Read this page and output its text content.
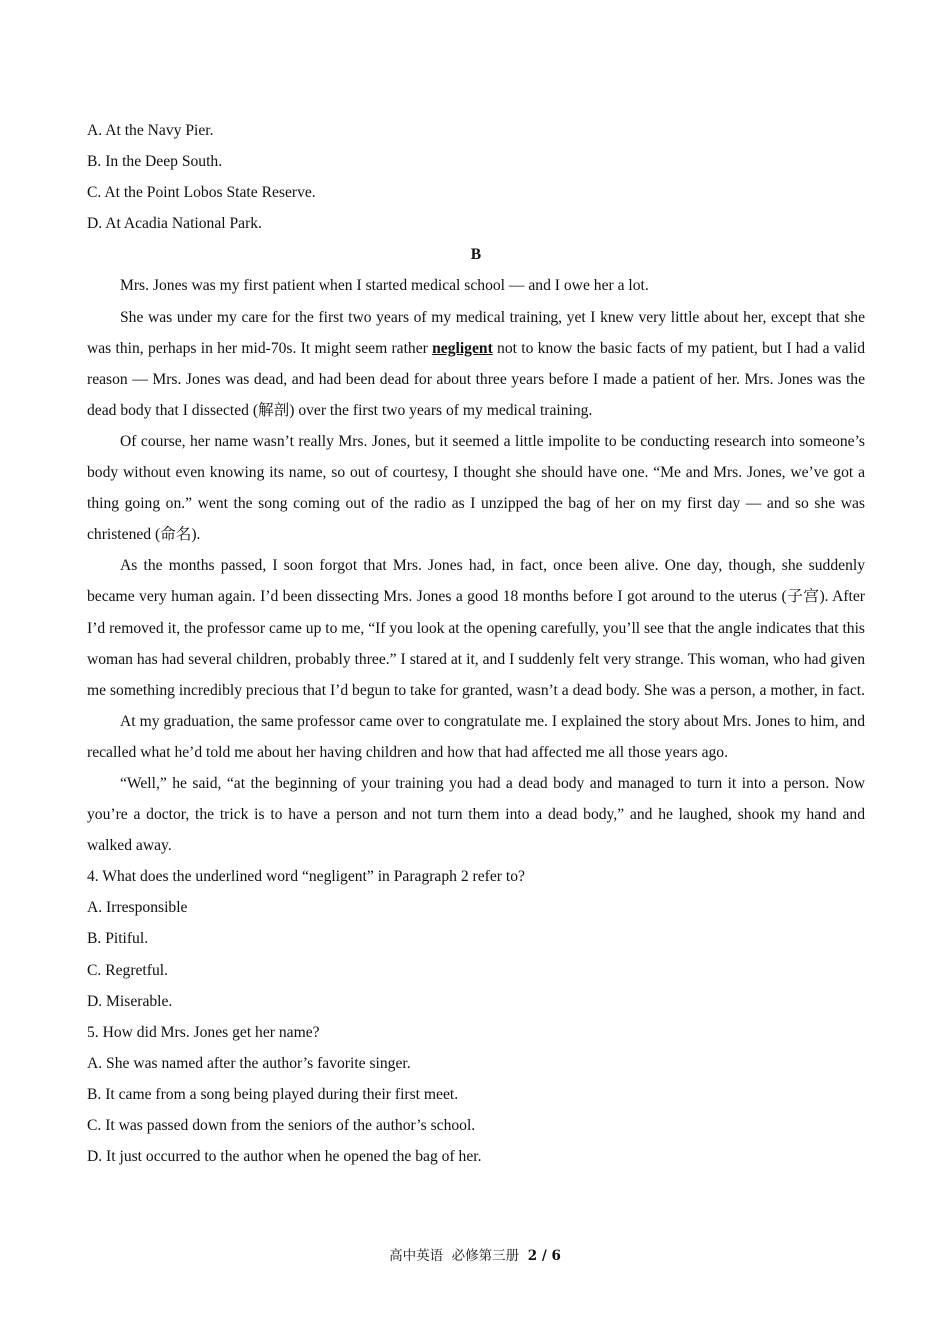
A. At the Navy Pier.

B. In the Deep South.

C. At the Point Lobos State Reserve.

D. At Acadia National Park.

B

Mrs. Jones was my first patient when I started medical school — and I owe her a lot.

She was under my care for the first two years of my medical training, yet I knew very little about her, except that she was thin, perhaps in her mid-70s. It might seem rather negligent not to know the basic facts of my patient, but I had a valid reason — Mrs. Jones was dead, and had been dead for about three years before I made a patient of her. Mrs. Jones was the dead body that I dissected (解剖) over the first two years of my medical training.

Of course, her name wasn’t really Mrs. Jones, but it seemed a little impolite to be conducting research into someone’s body without even knowing its name, so out of courtesy, I thought she should have one. “Me and Mrs. Jones, we’ve got a thing going on.” went the song coming out of the radio as I unzipped the bag of her on my first day — and so she was christened (命名).

As the months passed, I soon forgot that Mrs. Jones had, in fact, once been alive. One day, though, she suddenly became very human again. I’d been dissecting Mrs. Jones a good 18 months before I got around to the uterus (子宫). After I’d removed it, the professor came up to me, “If you look at the opening carefully, you’ll see that the angle indicates that this woman has had several children, probably three.” I stared at it, and I suddenly felt very strange. This woman, who had given me something incredibly precious that I’d begun to take for granted, wasn’t a dead body. She was a person, a mother, in fact.

At my graduation, the same professor came over to congratulate me. I explained the story about Mrs. Jones to him, and recalled what he’d told me about her having children and how that had affected me all those years ago.

“Well,” he said, “at the beginning of your training you had a dead body and managed to turn it into a person. Now you’re a doctor, the trick is to have a person and not turn them into a dead body,” and he laughed, shook my hand and walked away.

4. What does the underlined word “negligent” in Paragraph 2 refer to?

A. Irresponsible

B. Pitiful.

C. Regretful.

D. Miserable.

5. How did Mrs. Jones get her name?

A. She was named after the author’s favorite singer.

B. It came from a song being played during their first meet.

C. It was passed down from the seniors of the author’s school.

D. It just occurred to the author when he opened the bag of her.

高中英语  必修第三册  2 / 6
